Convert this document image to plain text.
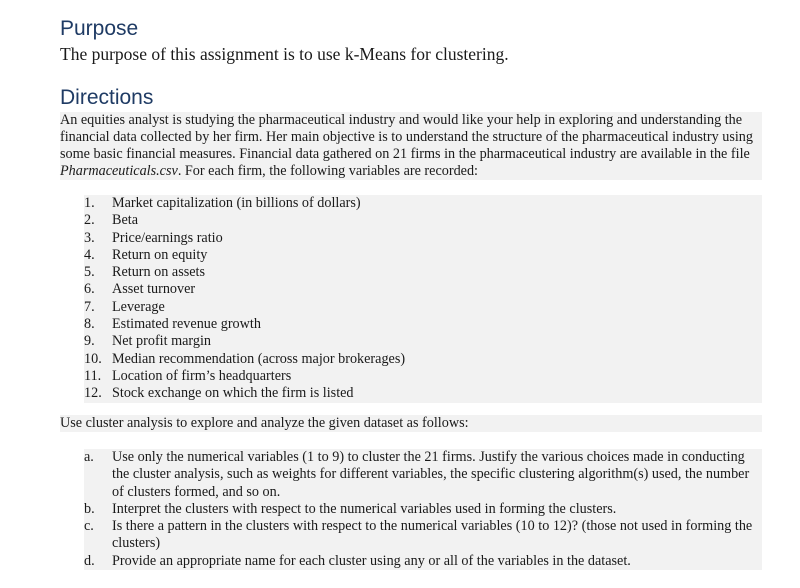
Purpose

The purpose of this assignment is to use k-Means for clustering.

Directions

An equities analyst is studying the pharmaceutical industry and would like your help in exploring and understanding the financial data collected by her firm. Her main objective is to understand the structure of the pharmaceutical industry using some basic financial measures. Financial data gathered on 21 firms in the pharmaceutical industry are available in the file Pharmaceuticals.csv. For each firm, the following variables are recorded:

1.	Market capitalization (in billions of dollars)
2.	Beta
3.	Price/earnings ratio
4.	Return on equity
5.	Return on assets
6.	Asset turnover
7.	Leverage
8.	Estimated revenue growth
9.	Net profit margin
10. Median recommendation (across major brokerages)
11. Location of firm’s headquarters
12. Stock exchange on which the firm is listed

Use cluster analysis to explore and analyze the given dataset as follows:

a.	Use only the numerical variables (1 to 9) to cluster the 21 firms. Justify the various choices made in conducting the cluster analysis, such as weights for different variables, the specific clustering algorithm(s) used, the number of clusters formed, and so on.
b.	Interpret the clusters with respect to the numerical variables used in forming the clusters.
c.	Is there a pattern in the clusters with respect to the numerical variables (10 to 12)? (those not used in forming the clusters)
d.	Provide an appropriate name for each cluster using any or all of the variables in the dataset.
